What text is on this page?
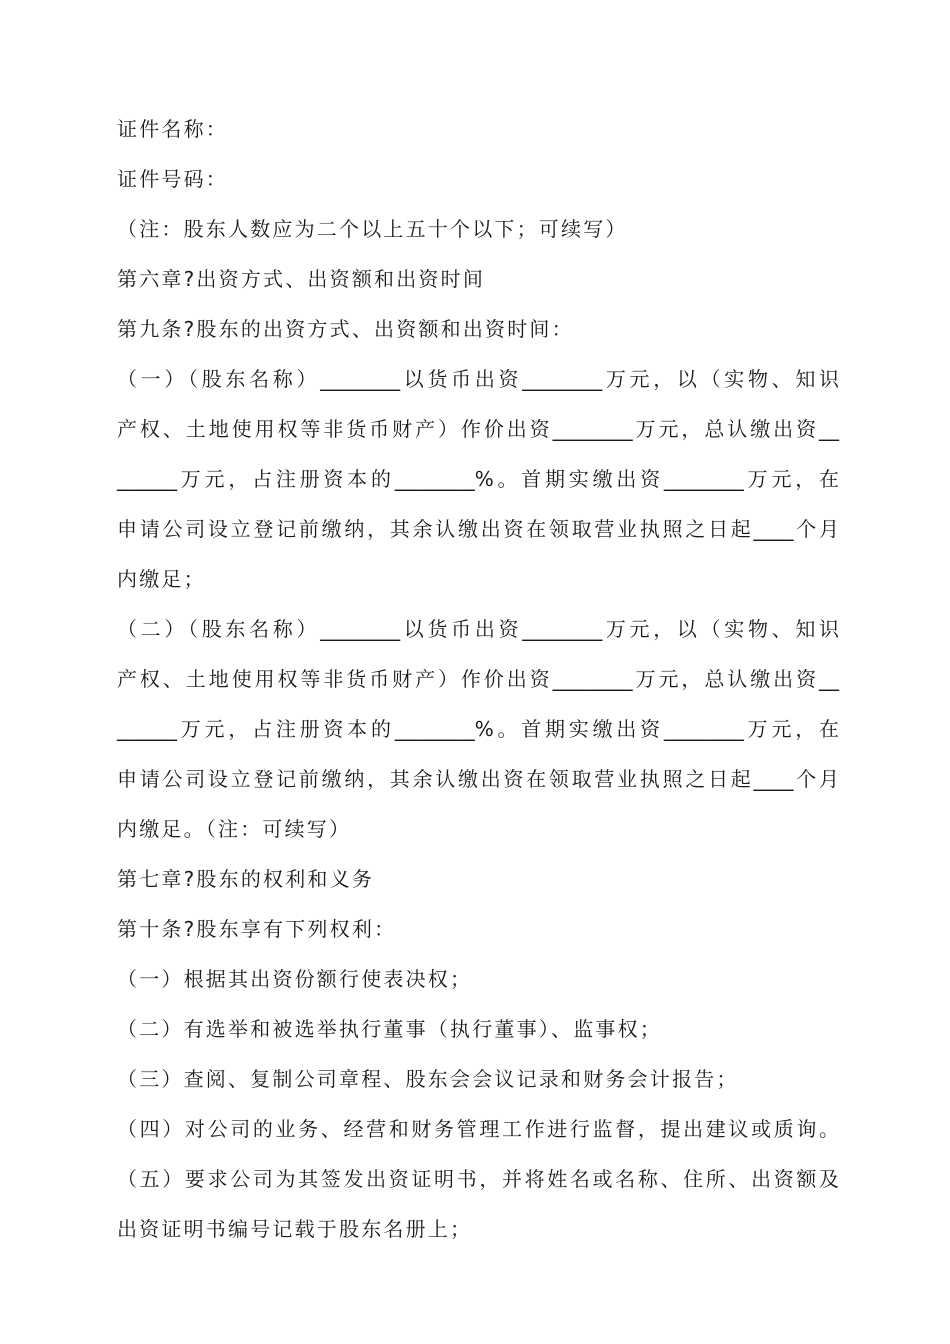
证件名称：
证件号码：
（注：股东人数应为二个以上五十个以下；可续写）
第六章?出资方式、出资额和出资时间
第九条?股东的出资方式、出资额和出资时间：
（一）（股东名称）________以货币出资________万元，以（实物、知识
产权、土地使用权等非货币财产）作价出资________万元，总认缴出资__
______万元，占注册资本的________%。首期实缴出资________万元，在
申请公司设立登记前缴纳，其余认缴出资在领取营业执照之日起____个月
内缴足；
（二）（股东名称）________以货币出资________万元，以（实物、知识
产权、土地使用权等非货币财产）作价出资________万元，总认缴出资__
______万元，占注册资本的________%。首期实缴出资________万元，在
申请公司设立登记前缴纳，其余认缴出资在领取营业执照之日起____个月
内缴足。（注：可续写）
第七章?股东的权利和义务
第十条?股东享有下列权利：
（一）根据其出资份额行使表决权；
（二）有选举和被选举执行董事（执行董事）、监事权；
（三）查阅、复制公司章程、股东会会议记录和财务会计报告；
（四）对公司的业务、经营和财务管理工作进行监督，提出建议或质询。
（五）要求公司为其签发出资证明书，并将姓名或名称、住所、出资额及
出资证明书编号记载于股东名册上；
